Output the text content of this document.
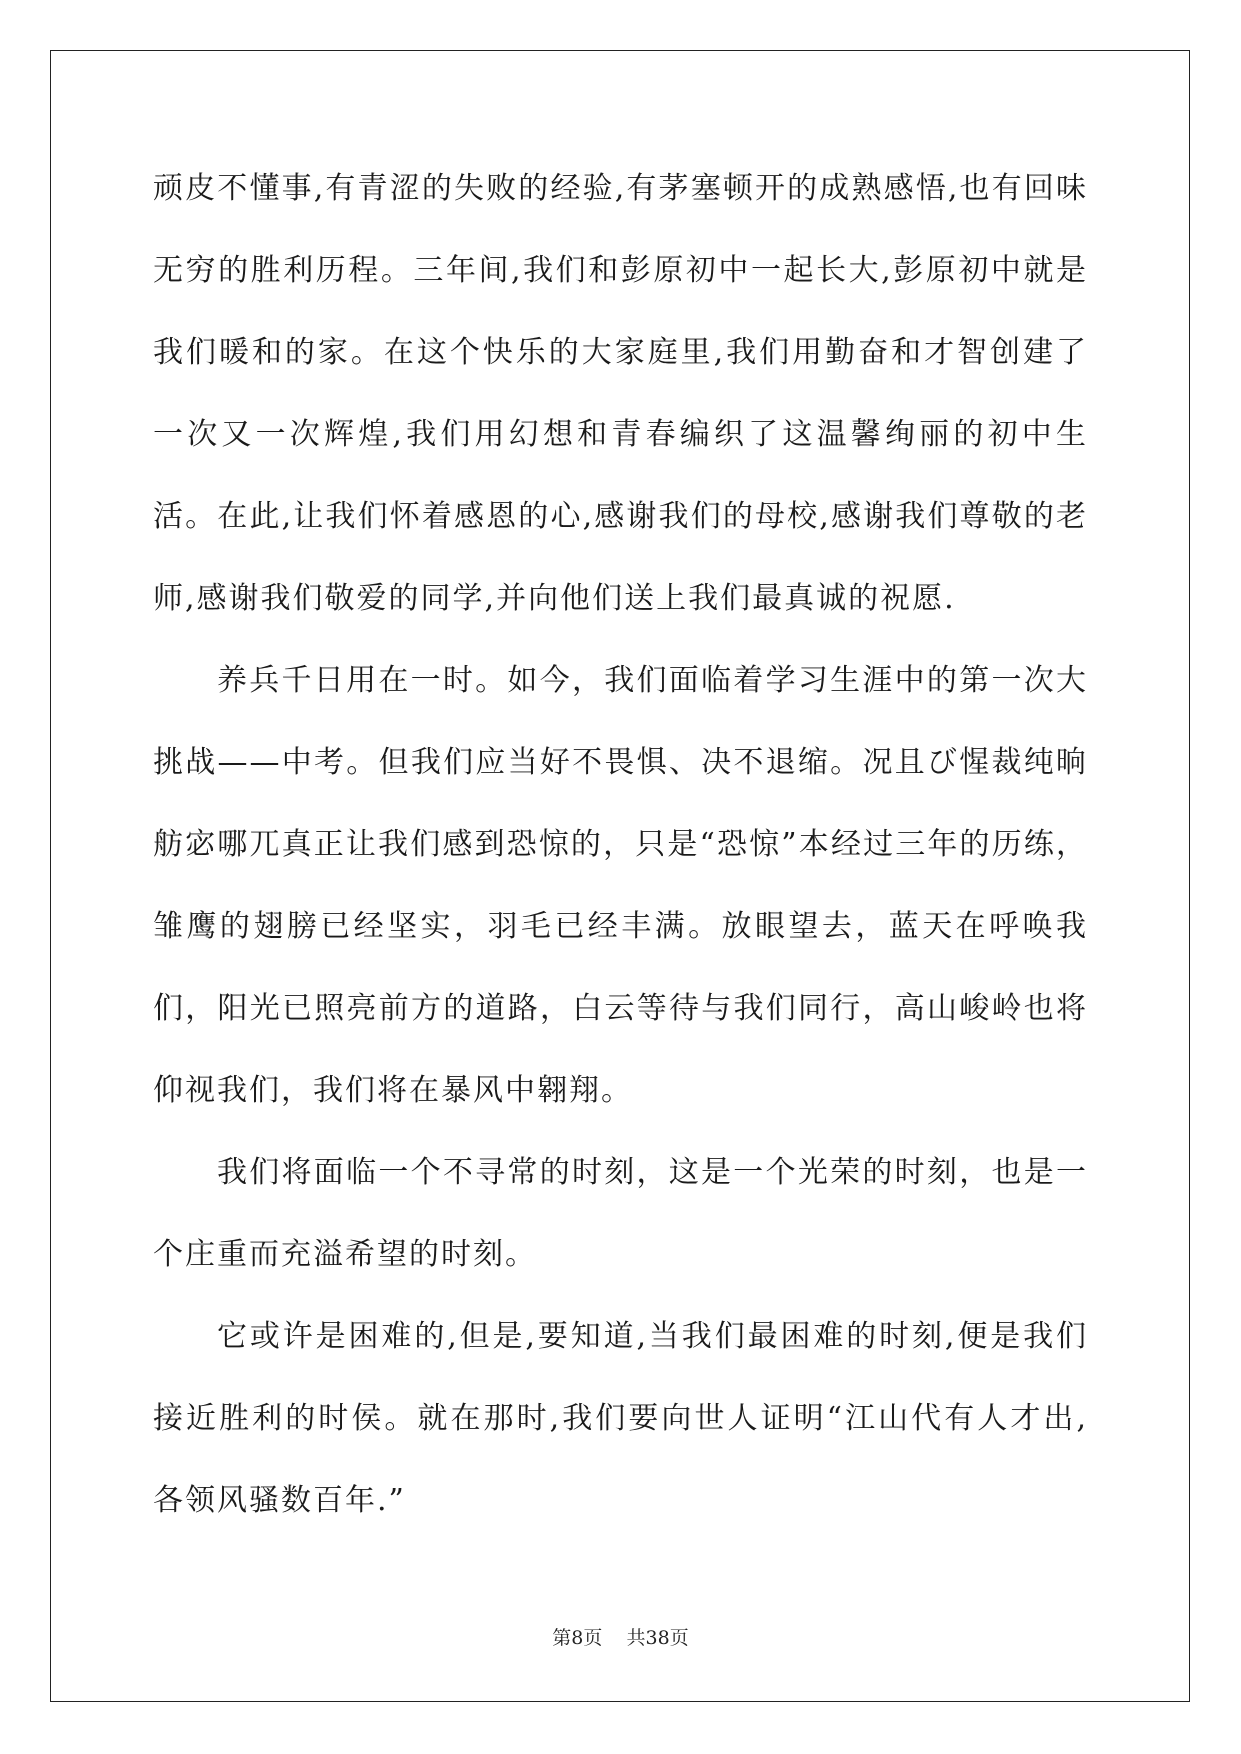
顽皮不懂事,有青涩的失败的经验,有茅塞顿开的成熟感悟,也有回味无穷的胜利历程。三年间,我们和彭原初中一起长大,彭原初中就是我们暖和的家。在这个快乐的大家庭里,我们用勤奋和才智创建了一次又一次辉煌,我们用幻想和青春编织了这温馨绚丽的初中生活。在此,让我们怀着感恩的心,感谢我们的母校,感谢我们尊敬的老师,感谢我们敬爱的同学,并向他们送上我们最真诚的祝愿.

养兵千日用在一时。如今，我们面临着学习生涯中的第一次大挑战——中考。但我们应当好不畏惧、决不退缩。况且び惺裁纯晌舫宓哪兀真正让我们感到恐惊的，只是“恐惊”本经过三年的历练，雏鹰的翅膀已经坚实，羽毛已经丰满。放眼望去，蓝天在呼唤我们，阳光已照亮前方的道路，白云等待与我们同行，高山峻岭也将仰视我们，我们将在暴风中翱翔。

我们将面临一个不寻常的时刻，这是一个光荣的时刻，也是一个庄重而充溢希望的时刻。

它或许是困难的,但是,要知道,当我们最困难的时刻,便是我们接近胜利的时侯。就在那时,我们要向世人证明“江山代有人才出,各领风骚数百年.”

第8页 共38页
